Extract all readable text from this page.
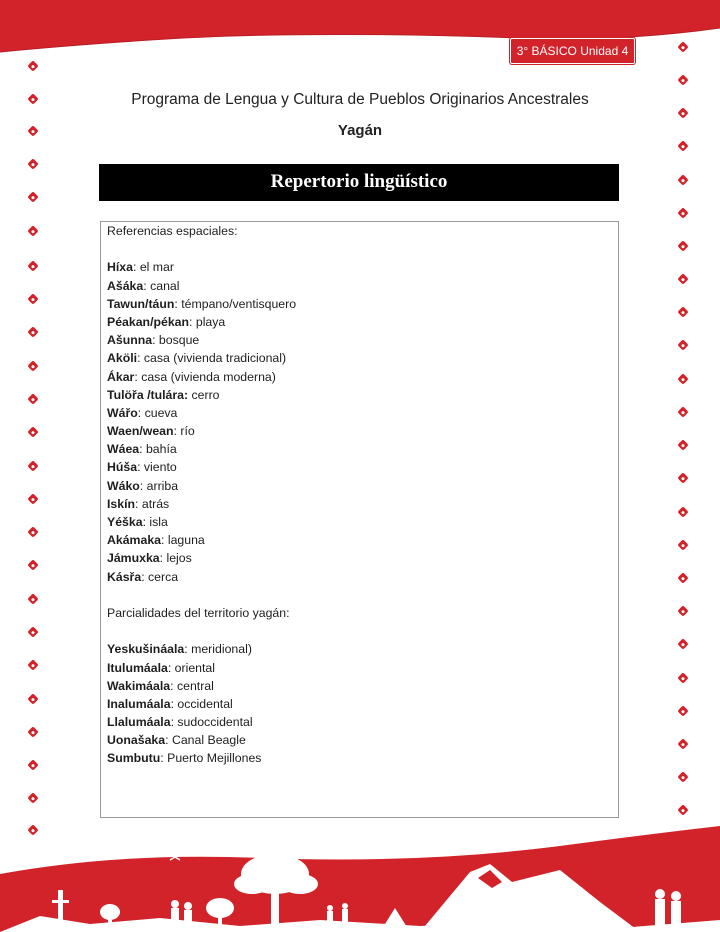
3° BÁSICO Unidad 4
Programa de Lengua y Cultura de Pueblos Originarios Ancestrales
Yagán
Repertorio lingüístico
Referencias espaciales:
Híxa: el mar
Ašáka: canal
Tawun/táun: témpano/ventisquero
Péakan/pékan: playa
Ašunna: bosque
Aköli: casa (vivienda tradicional)
Ákar: casa (vivienda moderna)
Tulöřa /tulára: cerro
Wářo: cueva
Waen/wean: río
Wáea: bahía
Húša: viento
Wáko: arriba
Iskín: atrás
Yéška: isla
Akámaka: laguna
Jámuxka: lejos
Kásřa: cerca
Parcialidades del territorio yagán:
Yeskušináala: meridional)
Itulumáala: oriental
Wakimáala: central
Inalumáala: occidental
Llalumáala: sudoccidental
Uonašaka: Canal Beagle
Sumbutu: Puerto Mejillones
